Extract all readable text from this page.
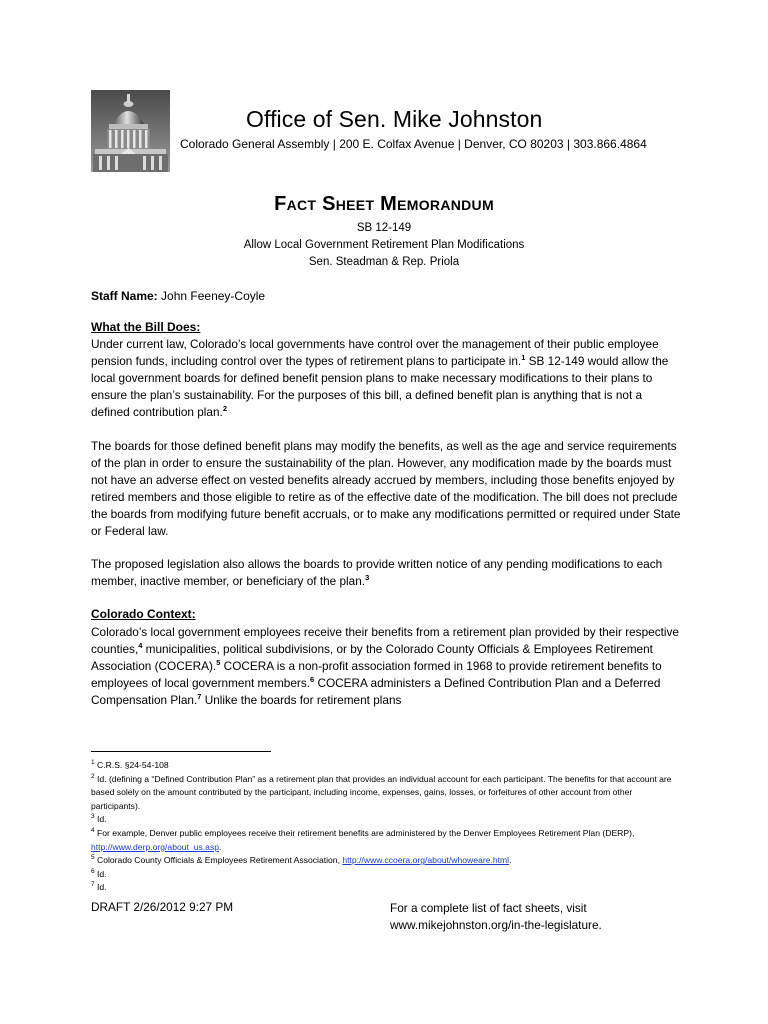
Office of Sen. Mike Johnston
Colorado General Assembly | 200 E. Colfax Avenue | Denver, CO 80203 | 303.866.4864
Fact Sheet Memorandum
SB 12-149
Allow Local Government Retirement Plan Modifications
Sen. Steadman & Rep. Priola
Staff Name: John Feeney-Coyle
What the Bill Does:

Under current law, Colorado’s local governments have control over the management of their public employee pension funds, including control over the types of retirement plans to participate in.$^1$ SB 12-149 would allow the local government boards for defined benefit pension plans to make necessary modifications to their plans to ensure the plan’s sustainability. For the purposes of this bill, a defined benefit plan is anything that is not a defined contribution plan.$^2$

The boards for those defined benefit plans may modify the benefits, as well as the age and service requirements of the plan in order to ensure the sustainability of the plan. However, any modification made by the boards must not have an adverse effect on vested benefits already accrued by members, including those benefits enjoyed by retired members and those eligible to retire as of the effective date of the modification. The bill does not preclude the boards from modifying future benefit accruals, or to make any modifications permitted or required under State or Federal law.

The proposed legislation also allows the boards to provide written notice of any pending modifications to each member, inactive member, or beneficiary of the plan.$^3$

Colorado Context:

Colorado’s local government employees receive their benefits from a retirement plan provided by their respective counties,$^4$ municipalities, political subdivisions, or by the Colorado County Officials & Employees Retirement Association (COCERA).$^5$ COCERA is a non-profit association formed in 1968 to provide retirement benefits to employees of local government members.$^6$ COCERA administers a Defined Contribution Plan and a Deferred Compensation Plan.$^7$ Unlike the boards for retirement plans

$^1$ C.R.S. §24-54-108

$^2$ Id. (defining a “Defined Contribution Plan” as a retirement plan that provides an individual account for each participant. The benefits for that account are based solely on the amount contributed by the participant, including income, expenses, gains, losses, or forfeitures of other account from other participants).

$^3$ Id.

$^4$ For example, Denver public employees receive their retirement benefits are administered by the Denver Employees Retirement Plan (DERP), http://www.derp.org/about_us.asp.

$^5$ Colorado County Officials & Employees Retirement Association, http://www.ccoera.org/about/whoweare.html.

$^6$ Id.

$^7$ Id.

DRAFT 2/26/2012 9:27 PM	For a complete list of fact sheets, visit
www.mikejohnston.org/in-the-legislature.
